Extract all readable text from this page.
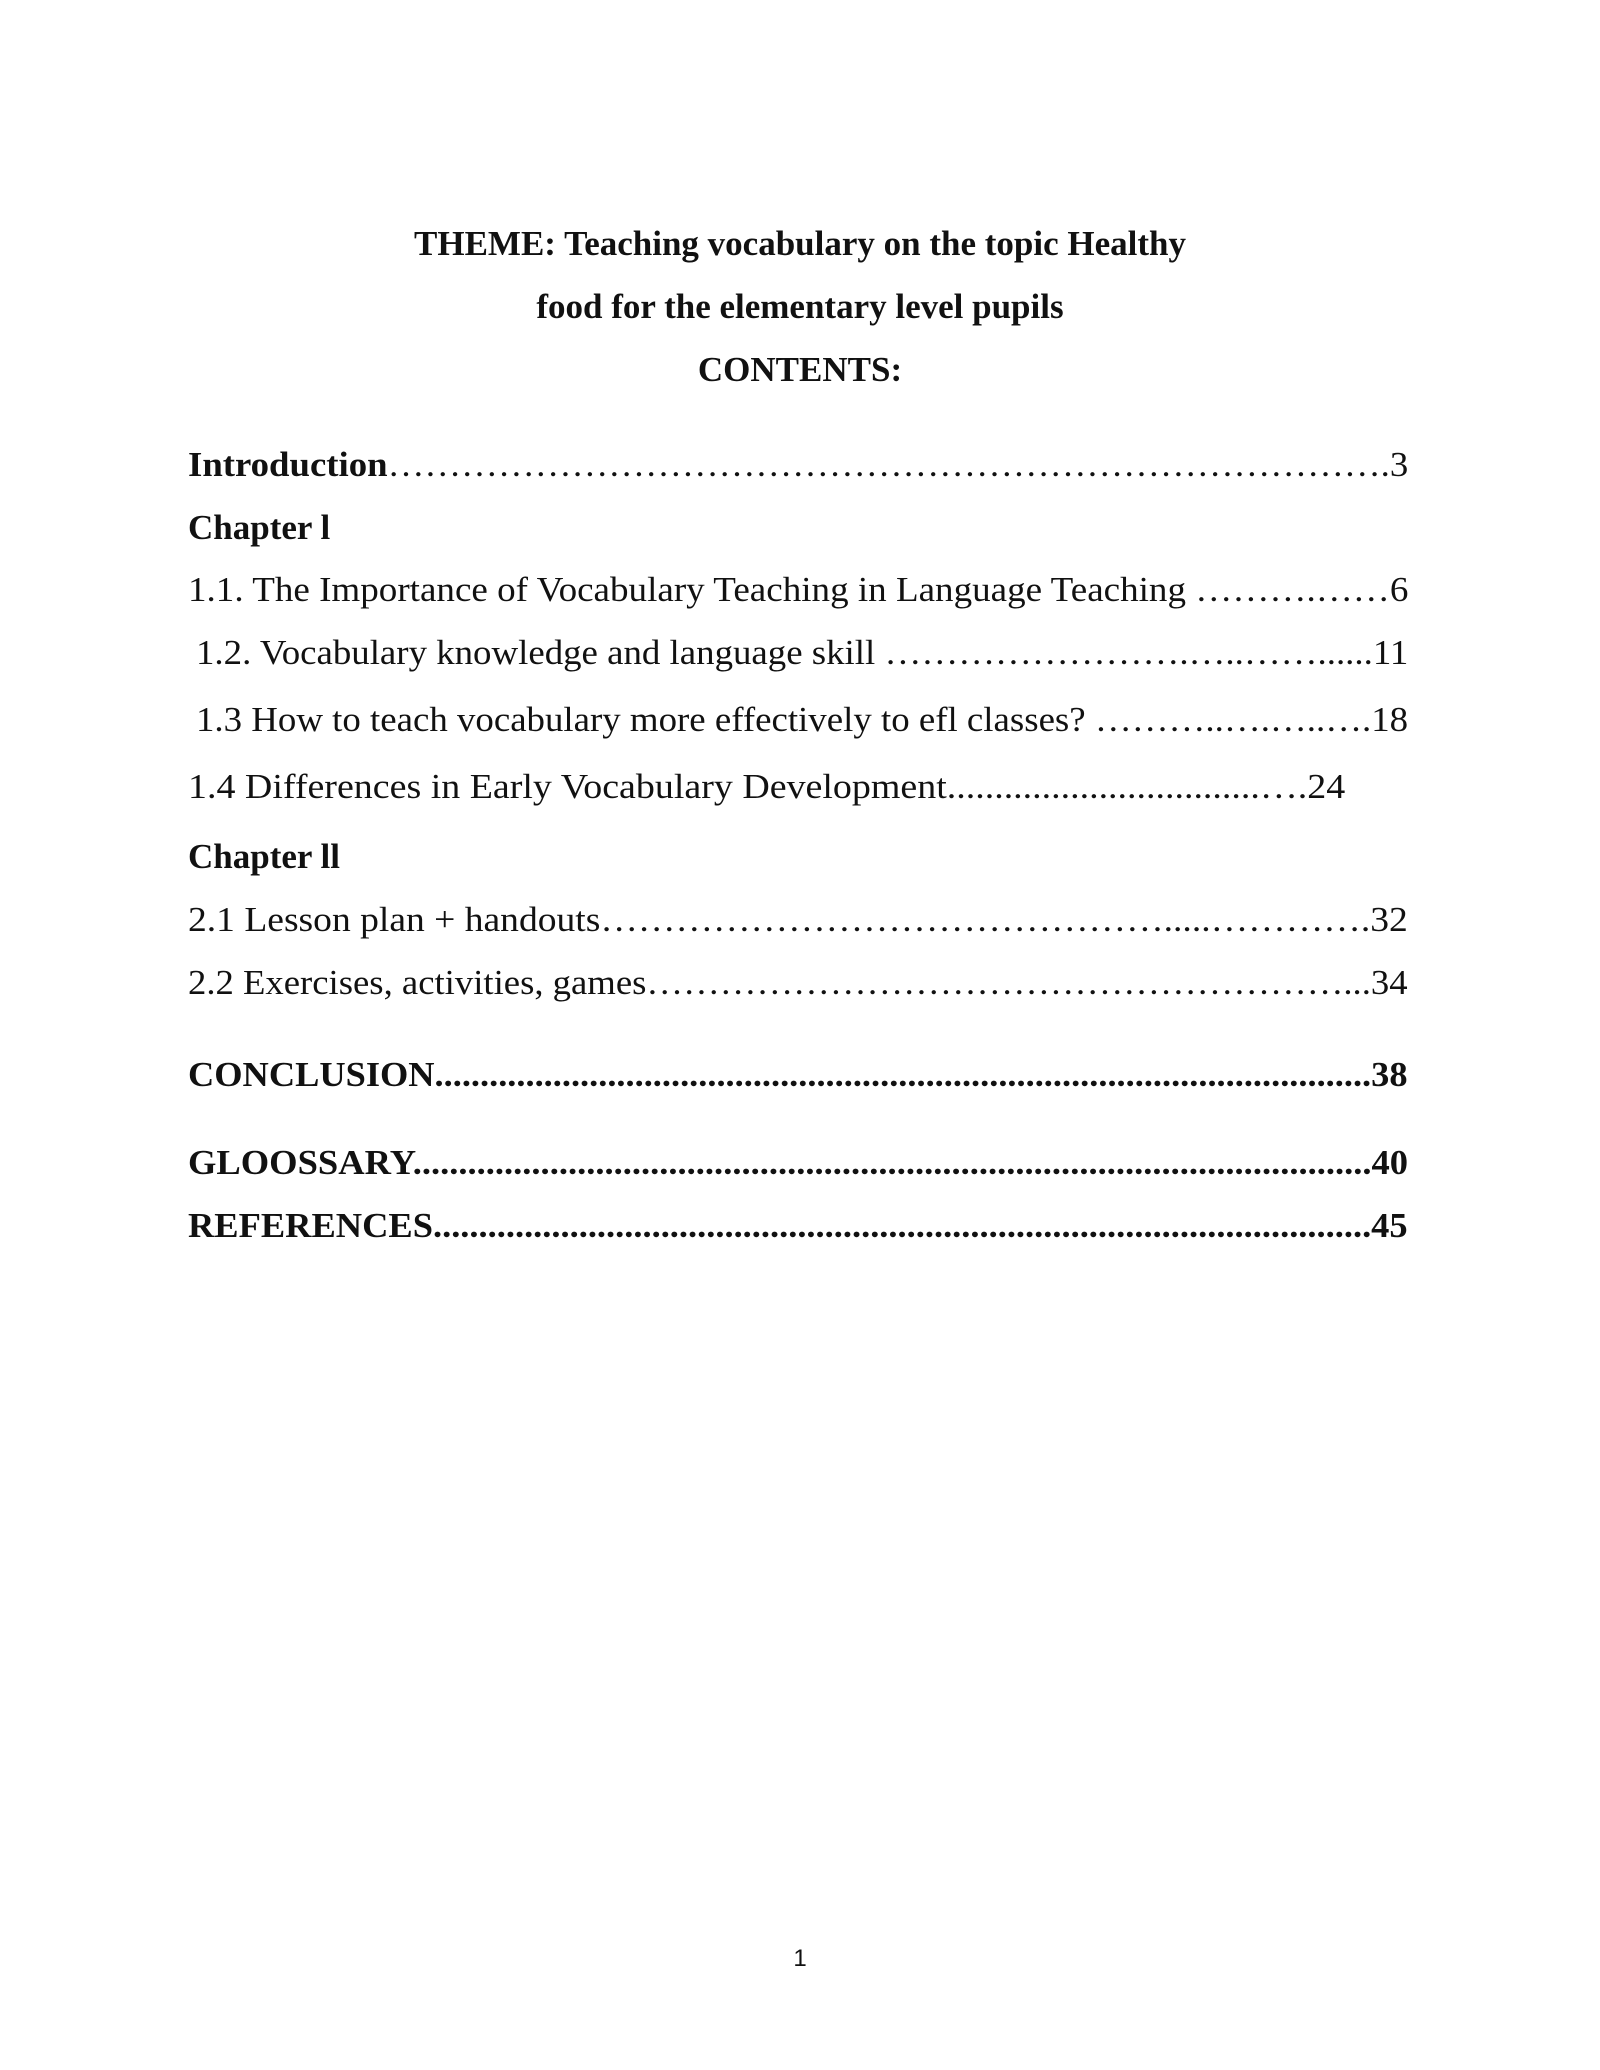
THEME: Teaching vocabulary on the topic Healthy
food for the elementary level pupils
CONTENTS:
Introduction……………………………………………………………………….3
Chapter l
1.1. The Importance of Vocabulary Teaching in Language Teaching ……….……6
1.2. Vocabulary knowledge and language skill …………………….…..……......11
1.3 How to teach vocabulary more effectively to efl classes? ………..….…..….18
1.4 Differences in Early Vocabulary Development.................................….24
Chapter ll
2.1 Lesson plan + handouts……………………………………….....………….32
2.2 Exercises, activities, games…………………………………………………...34
CONCLUSION.......................................................................................................38
GLOOSSARY.........................................................................................................40
REFERENCES.......................................................................................................45
1
